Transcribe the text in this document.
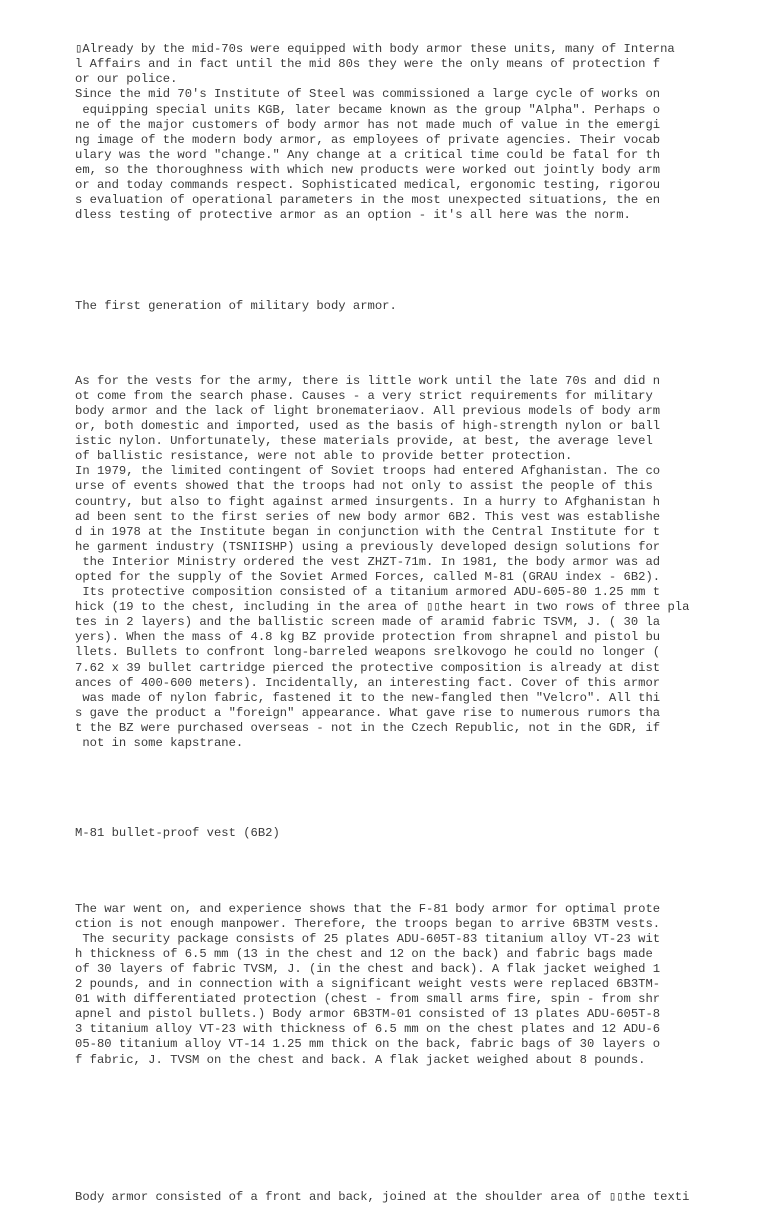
▯Already by the mid-70s were equipped with body armor these units, many of Interna
l Affairs and in fact until the mid 80s they were the only means of protection f
or our police.
Since the mid 70's Institute of Steel was commissioned a large cycle of works on
equipping special units KGB, later became known as the group "Alpha". Perhaps o
ne of the major customers of body armor has not made much of value in the emergi
ng image of the modern body armor, as employees of private agencies. Their vocab
ulary was the word "change." Any change at a critical time could be fatal for th
em, so the thoroughness with which new products were worked out jointly body arm
or and today commands respect. Sophisticated medical, ergonomic testing, rigorou
s evaluation of operational parameters in the most unexpected situations, the en
dless testing of protective armor as an option - it's all here was the norm.

The first generation of military body armor.

As for the vests for the army, there is little work until the late 70s and did n
ot come from the search phase. Causes - a very strict requirements for military
body armor and the lack of light bronemateriaov. All previous models of body arm
or, both domestic and imported, used as the basis of high-strength nylon or ball
istic nylon. Unfortunately, these materials provide, at best, the average level
of ballistic resistance, were not able to provide better protection.
In 1979, the limited contingent of Soviet troops had entered Afghanistan. The co
urse of events showed that the troops had not only to assist the people of this
country, but also to fight against armed insurgents. In a hurry to Afghanistan h
ad been sent to the first series of new body armor 6B2. This vest was establishe
d in 1978 at the Institute began in conjunction with the Central Institute for t
he garment industry (TSNIISHP) using a previously developed design solutions for
the Interior Ministry ordered the vest ZHZT-71m. In 1981, the body armor was ad
opted for the supply of the Soviet Armed Forces, called M-81 (GRAU index - 6B2).
Its protective composition consisted of a titanium armored ADU-605-80 1.25 mm t
hick (19 to the chest, including in the area of ▯▯the heart in two rows of three pla
tes in 2 layers) and the ballistic screen made of aramid fabric TSVM, J. ( 30 la
yers). When the mass of 4.8 kg BZ provide protection from shrapnel and pistol bu
llets. Bullets to confront long-barreled weapons srelkovogo he could no longer (
7.62 x 39 bullet cartridge pierced the protective composition is already at dist
ances of 400-600 meters). Incidentally, an interesting fact. Cover of this armor
was made of nylon fabric, fastened it to the new-fangled then "Velcro". All thi
s gave the product a "foreign" appearance. What gave rise to numerous rumors tha
t the BZ were purchased overseas - not in the Czech Republic, not in the GDR, if
not in some kapstrane.

M-81 bullet-proof vest (6B2)

The war went on, and experience shows that the F-81 body armor for optimal prote
ction is not enough manpower. Therefore, the troops began to arrive 6B3TM vests.
The security package consists of 25 plates ADU-605T-83 titanium alloy VT-23 wit
h thickness of 6.5 mm (13 in the chest and 12 on the back) and fabric bags made
of 30 layers of fabric TVSM, J. (in the chest and back). A flak jacket weighed 1
2 pounds, and in connection with a significant weight vests were replaced 6B3TM-
01 with differentiated protection (chest - from small arms fire, spin - from shr
apnel and pistol bullets.) Body armor 6B3TM-01 consisted of 13 plates ADU-605T-8
3 titanium alloy VT-23 with thickness of 6.5 mm on the chest plates and 12 ADU-6
05-80 titanium alloy VT-14 1.25 mm thick on the back, fabric bags of 30 layers o
f fabric, J. TVSM on the chest and back. A flak jacket weighed about 8 pounds.

Body armor consisted of a front and back, joined at the shoulder area of ▯▯the texti
